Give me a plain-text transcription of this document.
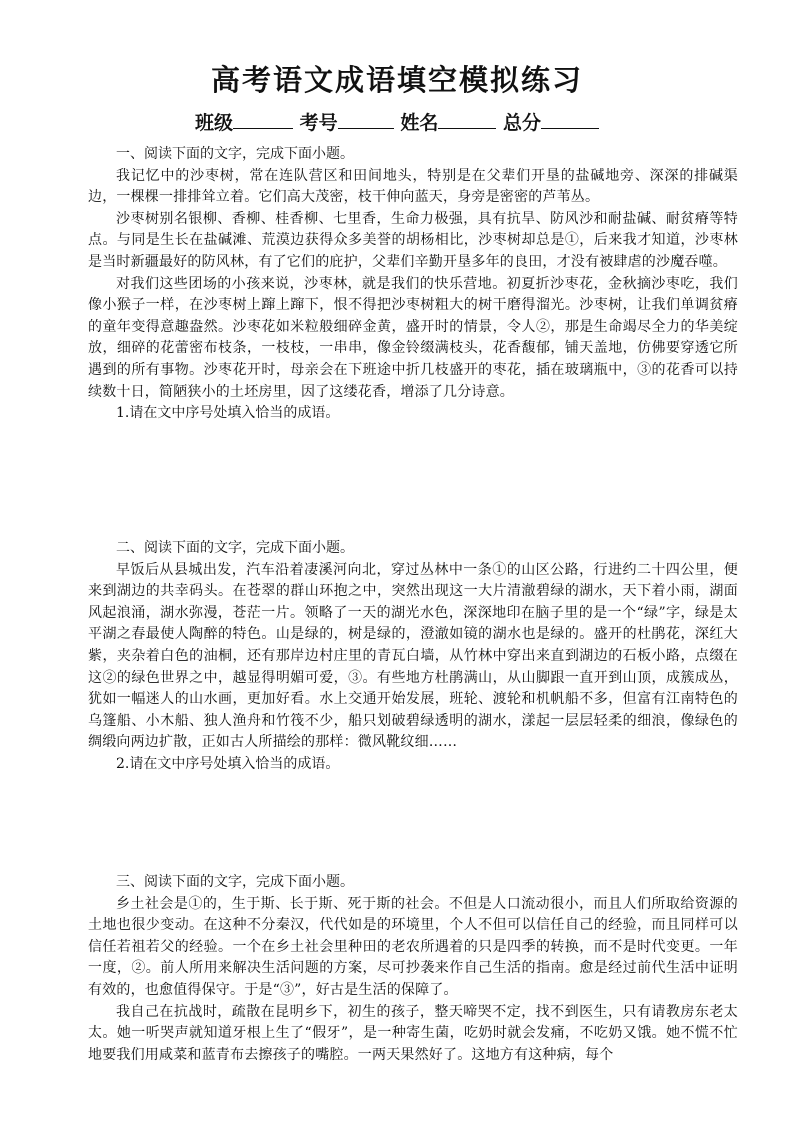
高考语文成语填空模拟练习
班级	考号	姓名	总分

一、阅读下面的文字，完成下面小题。

我记忆中的沙枣树，常在连队营区和田间地头，特别是在父辈们开垦的盐碱地旁、深深的排碱渠边，一棵棵一排排耸立着。它们高大茂密，枝干伸向蓝天，身旁是密密的芦苇丛。

沙枣树别名银柳、香柳、桂香柳、七里香，生命力极强，具有抗旱、防风沙和耐盐碱、耐贫瘠等特点。与同是生长在盐碱滩、荒漠边获得众多美誉的胡杨相比，沙枣树却总是①，后来我才知道，沙枣林是当时新疆最好的防风林，有了它们的庇护，父辈们辛勤开垦多年的良田，才没有被肆虐的沙魔吞噬。

对我们这些团场的小孩来说，沙枣林，就是我们的快乐营地。初夏折沙枣花，金秋摘沙枣吃，我们像小猴子一样，在沙枣树上蹿上蹿下，恨不得把沙枣树粗大的树干磨得溜光。沙枣树，让我们单调贫瘠的童年变得意趣盎然。沙枣花如米粒般细碎金黄，盛开时的情景，令人②，那是生命竭尽全力的华美绽放，细碎的花蕾密布枝条，一枝枝，一串串，像金铃缀满枝头，花香馥郁，铺天盖地，仿佛要穿透它所遇到的所有事物。沙枣花开时，母亲会在下班途中折几枝盛开的枣花，插在玻璃瓶中，③的花香可以持续数十日，简陋狭小的土坯房里，因了这缕花香，增添了几分诗意。

1.请在文中序号处填入恰当的成语。

二、阅读下面的文字，完成下面小题。

早饭后从县城出发，汽车沿着凄溪河向北，穿过丛林中一条①的山区公路，行进约二十四公里，便来到湖边的共幸码头。在苍翠的群山环抱之中，突然出现这一大片清澈碧绿的湖水，天下着小雨，湖面风起浪涌，湖水弥漫，苍茫一片。领略了一天的湖光水色，深深地印在脑子里的是一个“绿”字，绿是太平湖之春最使人陶醉的特色。山是绿的，树是绿的，澄澈如镜的湖水也是绿的。盛开的杜鹃花，深红大紫，夹杂着白色的油桐，还有那岸边村庄里的青瓦白墙，从竹林中穿出来直到湖边的石板小路，点缀在这②的绿色世界之中，越显得明媚可爱，③。有些地方杜鹃满山，从山脚跟一直开到山顶，成簇成丛，犹如一幅迷人的山水画，更加好看。水上交通开始发展，班轮、渡轮和机帆船不多，但富有江南特色的乌篷船、小木船、独人渔舟和竹筏不少，船只划破碧绿透明的湖水，漾起一层层轻柔的细浪，像绿色的绸缎向两边扩散，正如古人所描绘的那样：微风靴纹细……

2.请在文中序号处填入恰当的成语。

三、阅读下面的文字，完成下面小题。

乡土社会是①的，生于斯、长于斯、死于斯的社会。不但是人口流动很小，而且人们所取给资源的土地也很少变动。在这种不分秦汉，代代如是的环境里，个人不但可以信任自己的经验，而且同样可以信任若祖若父的经验。一个在乡土社会里种田的老农所遇着的只是四季的转换，而不是时代变更。一年一度，②。前人所用来解决生活问题的方案，尽可抄袭来作自己生活的指南。愈是经过前代生活中证明有效的，也愈值得保守。于是“③”，好古是生活的保障了。

我自己在抗战时，疏散在昆明乡下，初生的孩子，整天啼哭不定，找不到医生，只有请教房东老太太。她一听哭声就知道牙根上生了“假牙”，是一种寄生菌，吃奶时就会发痛，不吃奶又饿。她不慌不忙地要我们用咸菜和蓝青布去擦孩子的嘴腔。一两天果然好了。这地方有这种病，每个
